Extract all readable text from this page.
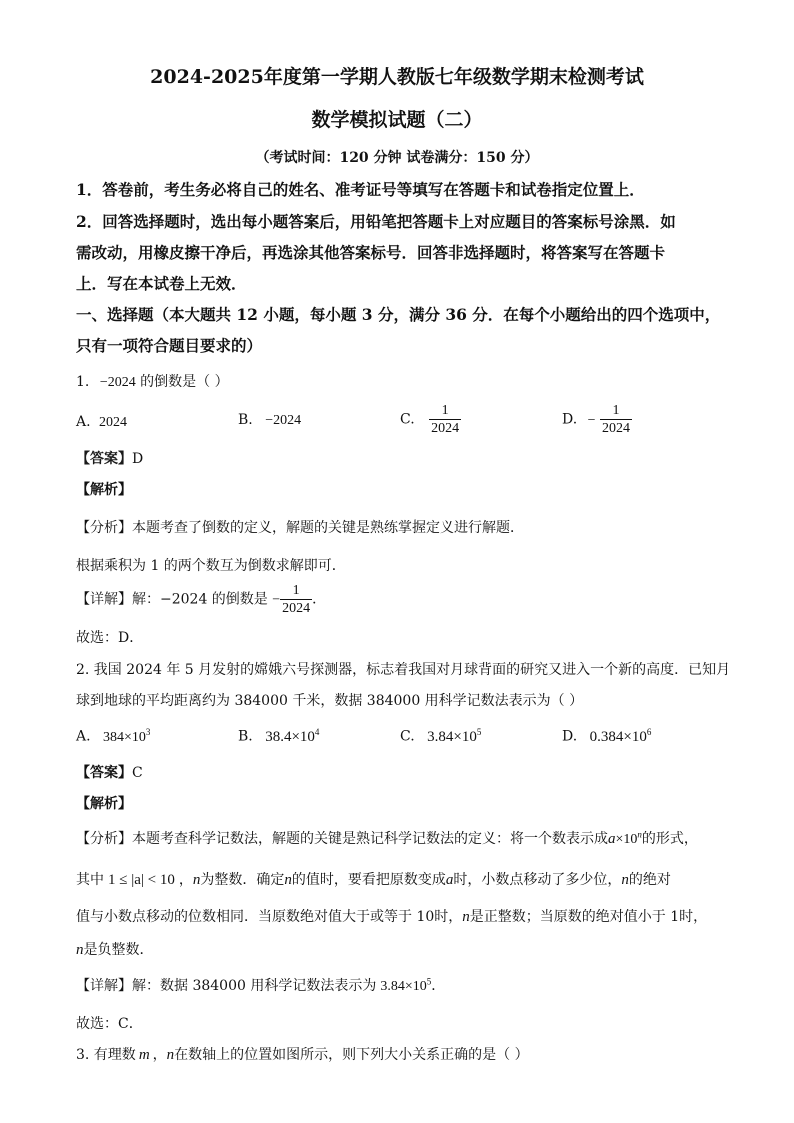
2024-2025年度第一学期人教版七年级数学期末检测考试
数学模拟试题（二）
（考试时间：120 分钟 试卷满分：150 分）
1．答卷前，考生务必将自己的姓名、准考证号等填写在答题卡和试卷指定位置上．
2．回答选择题时，选出每小题答案后，用铅笔把答题卡上对应题目的答案标号涂黑．如
需改动，用橡皮擦干净后，再选涂其他答案标号．回答非选择题时，将答案写在答题卡
上．写在本试卷上无效．
一、选择题（本大题共 12 小题，每小题 3 分，满分 36 分．在每个小题给出的四个选项中，
只有一项符合题目要求的）
1. −2024 的倒数是（ ）
A. 2024	B. −2024	C. $\frac{1}{2024}$	D. − $\frac{1}{2024}$
【答案】D
【解析】
【分析】本题考查了倒数的定义，解题的关键是熟练掌握定义进行解题．
根据乘积为 1 的两个数互为倒数求解即可．
【详解】解：−2024 的倒数是 − $\frac{1}{2024}$ ．
故选：D．
2. 我国 2024 年 5 月发射的嫦娥六号探测器，标志着我国对月球背面的研究又进入一个新的高度．已知月
球到地球的平均距离约为 384000 千米，数据 384000 用科学记数法表示为（ ）
A. $384\times 10^3$	B. $38.4\times 10^4$	C. $3.84\times 10^5$	D. $0.384\times 10^6$
【答案】C
【解析】
【分析】本题考查科学记数法，解题的关键是熟记科学记数法的定义：将一个数表示成$a\times 10^n$的形式，
其中 1 ≤ |a| < 10 ，n为整数．确定n的值时，要看把原数变成a时，小数点移动了多少位，n的绝对
值与小数点移动的位数相同．当原数绝对值大于或等于 10时，n是正整数；当原数的绝对值小于 1时，
n是负整数．
【详解】解：数据 384000 用科学记数法表示为 $3.84\times 10^5$．
故选：C．
3. 有理数 m ，n在数轴上的位置如图所示，则下列大小关系正确的是（ ）
